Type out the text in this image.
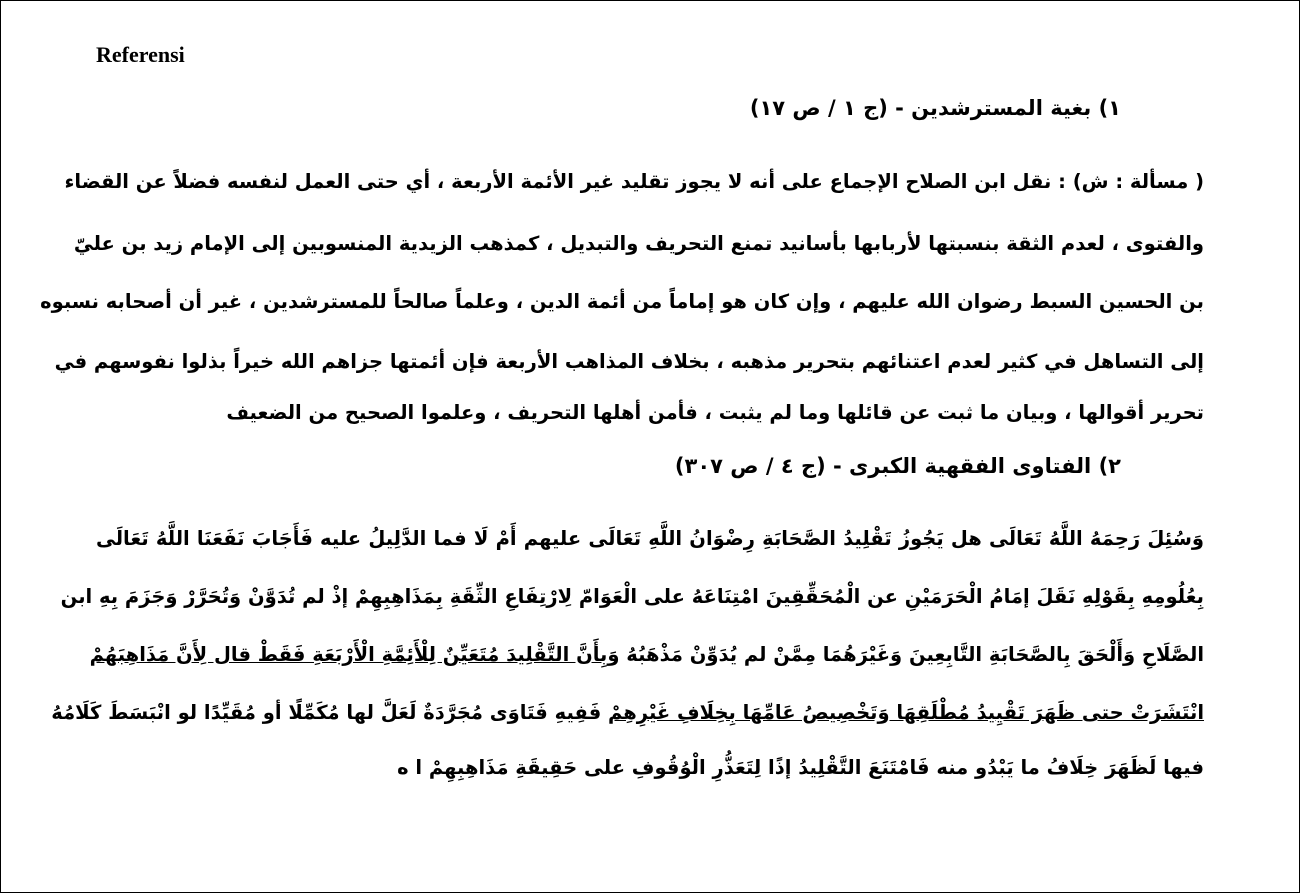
Referensi
١) بغية المسترشدين - (ج ١ / ص ١٧)
( مسألة : ش) : نقل ابن الصلاح الإجماع على أنه لا يجوز تقليد غير الأئمة الأربعة ، أي حتى العمل لنفسه فضلاً عن القضاء
والفتوى ، لعدم الثقة بنسبتها لأربابها بأسانيد تمنع التحريف والتبديل ، كمذهب الزيدية المنسوبين إلى الإمام زيد بن عليّ
بن الحسين السبط رضوان الله عليهم ، وإن كان هو إماماً من أئمة الدين ، وعلماً صالحاً للمسترشدين ، غير أن أصحابه نسبوه
إلى التساهل في كثير لعدم اعتنائهم بتحرير مذهبه ، بخلاف المذاهب الأربعة فإن أئمتها جزاهم الله خيراً بذلوا نفوسهم في
تحرير أقوالها ، وبيان ما ثبت عن قائلها وما لم يثبت ، فأمن أهلها التحريف ، وعلموا الصحيح من الضعيف
٢) الفتاوى الفقهية الكبرى - (ج ٤ / ص ٣٠٧)
وَسُئِلَ رَحِمَهُ اللَّهُ تَعَالَى هل يَجُوزُ تَقْلِيدُ الصَّحَابَةِ رِضْوَانُ اللَّهِ تَعَالَى عليهم أَمْ لَا فما الدَّلِيلُ عليه فَأَجَابَ نَفَعَنَا اللَّهُ تَعَالَى
بِعُلُومِهِ بِقَوْلِهِ نَقَلَ إمَامُ الْحَرَمَيْنِ عن الْمُحَقِّقِينَ امْتِنَاعَهُ على الْعَوَامّ لِارْتِفَاعِ الثِّقَةِ بِمَذَاهِبِهِمْ إذْ لم تُدَوَّنْ وَتُحَرَّرْ وَجَزَمَ بِهِ ابن
الصَّلَاحِ وَأَلْحَقَ بِالصَّحَابَةِ التَّابِعِينَ وَغَيْرَهُمَا مِمَّنْ لم يُدَوِّنْ مَذْهَبُهُ وَبِأَنَّ التَّقْلِيدَ مُتَعَيِّنٌ لِلْأَئِمَّةِ الْأَرْبَعَةِ فَقَطْ قال لِأَنَّ مَذَاهِبَهُمْ
انْتَشَرَتْ حتى ظَهَرَ تَقْيِيدُ مُطْلَقِهَا وَتَخْصِيصُ عَامِّهَا بِخِلَافِ غَيْرِهِمْ فَفِيهِ فَتَاوَى مُجَرَّدَةٌ لَعَلَّ لها مُكَمِّلًا أو مُقَيِّدًا لو انْبَسَطَ كَلَامُهُ
فيها لَظَهَرَ خِلَافُ ما يَبْدُو منه فَامْتَنَعَ التَّقْلِيدُ إذًا لِتَعَذُّرِ الْوُقُوفِ على حَقِيقَةِ مَذَاهِبِهِمْ ا ه
